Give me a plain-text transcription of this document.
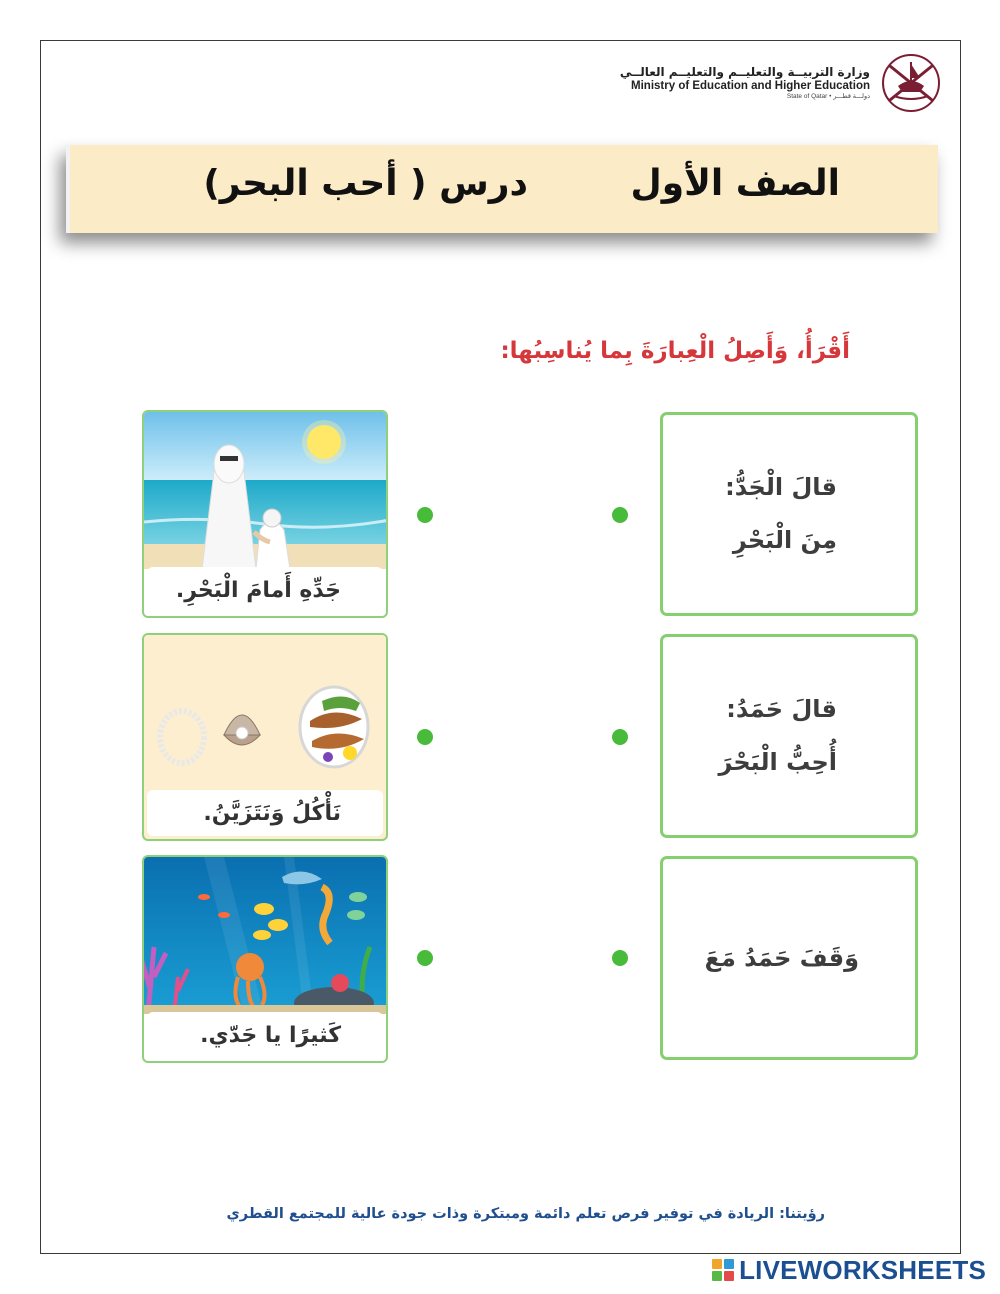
وزارة التربيــة والتعليــم والتعليــم العالــي
Ministry of Education and Higher Education
State of Qatar • دولـــة قطـــر
الصف الأول
درس ( أحب البحر)
أَقْرَأُ، وَأَصِلُ الْعِبارَةَ بِما يُناسِبُها:
قالَ الْجَدُّ:
مِنَ الْبَحْرِ
قالَ حَمَدُ:
أُحِبُّ الْبَحْرَ
وَقَفَ حَمَدُ مَعَ
جَدِّهِ أَمامَ الْبَحْرِ.
نَأْكُلُ وَنَتَزَيَّنُ.
كَثيرًا يا جَدّي.
رؤيتنا: الريادة في توفير فرص تعلم دائمة ومبتكرة وذات جودة عالية للمجتمع القطري
LIVEWORKSHEETS
